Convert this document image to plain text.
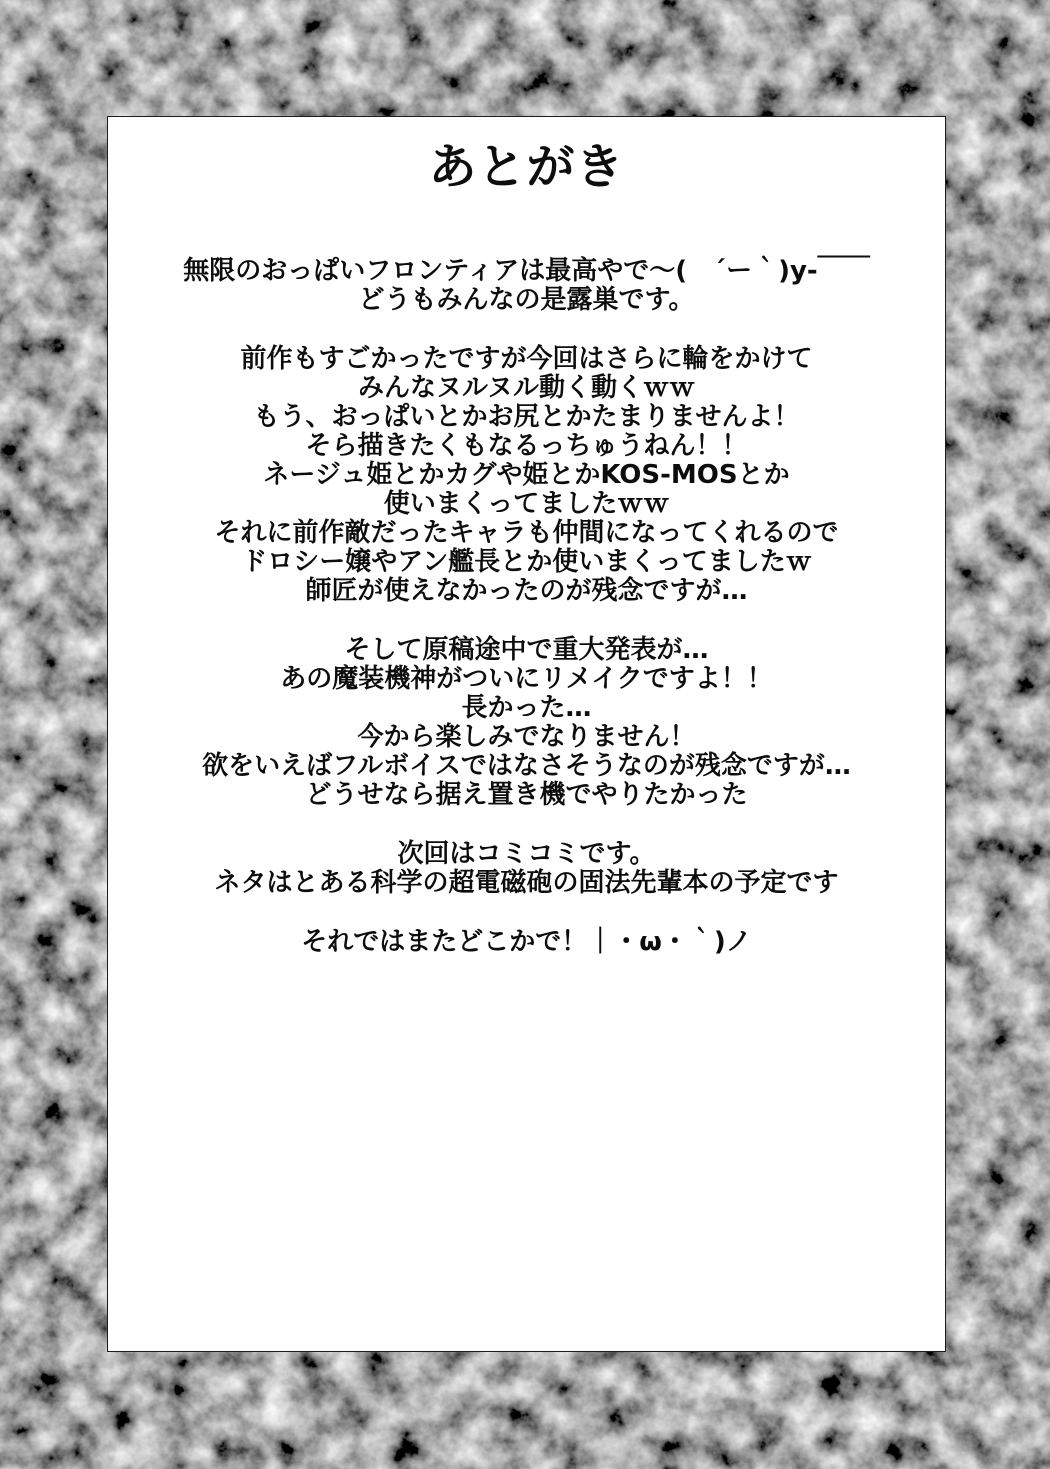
あとがき
無限のおっぱいフロンティアは最高やで～(　´ー｀)y-￣￣
どうもみんなの是露巣です。
前作もすごかったですが今回はさらに輪をかけて
みんなヌルヌル動く動くｗｗ
もう、おっぱいとかお尻とかたまりませんよ！
そら描きたくもなるっちゅうねん！！
ネージュ姫とかカグや姫とかKOS-MOSとか
使いまくってましたｗｗ
それに前作敵だったキャラも仲間になってくれるので
ドロシー嬢やアン艦長とか使いまくってましたｗ
師匠が使えなかったのが残念ですが…
そして原稿途中で重大発表が…
あの魔装機神がついにリメイクですよ！！
長かった…
今から楽しみでなりません！
欲をいえばフルボイスではなさそうなのが残念ですが…
どうせなら据え置き機でやりたかった
次回はコミコミです。
ネタはとある科学の超電磁砲の固法先輩本の予定です
それではまたどこかで！｜・ω・｀)ノ
